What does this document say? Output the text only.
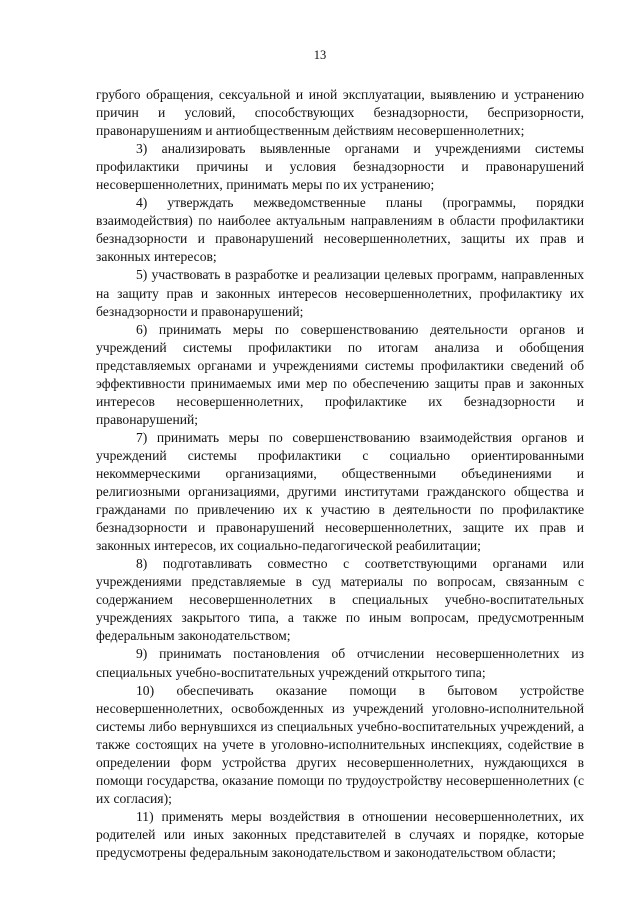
13

грубого обращения, сексуальной и иной эксплуатации, выявлению и устранению причин и условий, способствующих безнадзорности, беспризорности, правонарушениям и антиобщественным действиям несовершеннолетних;

3) анализировать выявленные органами и учреждениями системы профилактики причины и условия безнадзорности и правонарушений несовершеннолетних, принимать меры по их устранению;

4) утверждать межведомственные планы (программы, порядки взаимодействия) по наиболее актуальным направлениям в области профилактики безнадзорности и правонарушений несовершеннолетних, защиты их прав и законных интересов;

5) участвовать в разработке и реализации целевых программ, направленных на защиту прав и законных интересов несовершеннолетних, профилактику их безнадзорности и правонарушений;

6) принимать меры по совершенствованию деятельности органов и учреждений системы профилактики по итогам анализа и обобщения представляемых органами и учреждениями системы профилактики сведений об эффективности принимаемых ими мер по обеспечению защиты прав и законных интересов несовершеннолетних, профилактике их безнадзорности и правонарушений;

7) принимать меры по совершенствованию взаимодействия органов и учреждений системы профилактики с социально ориентированными некоммерческими организациями, общественными объединениями и религиозными организациями, другими институтами гражданского общества и гражданами по привлечению их к участию в деятельности по профилактике безнадзорности и правонарушений несовершеннолетних, защите их прав и законных интересов, их социально-педагогической реабилитации;

8) подготавливать совместно с соответствующими органами или учреждениями представляемые в суд материалы по вопросам, связанным с содержанием несовершеннолетних в специальных учебно-воспитательных учреждениях закрытого типа, а также по иным вопросам, предусмотренным федеральным законодательством;

9) принимать постановления об отчислении несовершеннолетних из специальных учебно-воспитательных учреждений открытого типа;

10) обеспечивать оказание помощи в бытовом устройстве несовершеннолетних, освобожденных из учреждений уголовно-исполнительной системы либо вернувшихся из специальных учебно-воспитательных учреждений, а также состоящих на учете в уголовно-исполнительных инспекциях, содействие в определении форм устройства других несовершеннолетних, нуждающихся в помощи государства, оказание помощи по трудоустройству несовершеннолетних (с их согласия);

11) применять меры воздействия в отношении несовершеннолетних, их родителей или иных законных представителей в случаях и порядке, которые предусмотрены федеральным законодательством и законодательством области;
